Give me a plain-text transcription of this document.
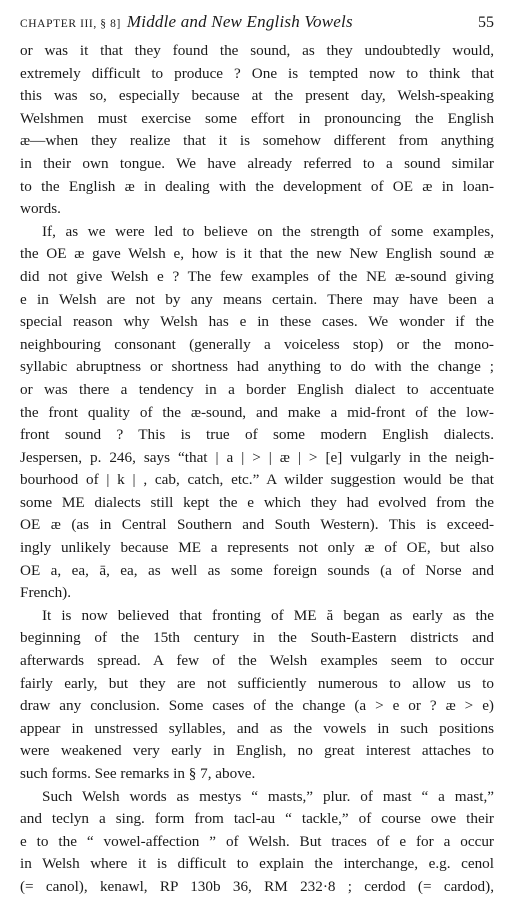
CHAPTER III, § 8] Middle and New English Vowels	55

or was it that they found the sound, as they undoubtedly would,
extremely difficult to produce ? One is tempted now to think that
this was so, especially because at the present day, Welsh-speaking
Welshmen must exercise some effort in pronouncing the English
æ—when they realize that it is somehow different from anything
in their own tongue. We have already referred to a sound similar
to the English æ in dealing with the development of OE æ in loan-
words.

If, as we were led to believe on the strength of some examples,
the OE æ gave Welsh e, how is it that the new New English sound æ
did not give Welsh e ? The few examples of the NE æ-sound giving
e in Welsh are not by any means certain. There may have been a
special reason why Welsh has e in these cases. We wonder if the
neighbouring consonant (generally a voiceless stop) or the mono-
syllabic abruptness or shortness had anything to do with the change ;
or was there a tendency in a border English dialect to accentuate
the front quality of the æ-sound, and make a mid-front of the low-
front sound ? This is true of some modern English dialects.
Jespersen, p. 246, says “that | a | > | æ | > [e] vulgarly in the neigh-
bourhood of | k | , cab, catch, etc.” A wilder suggestion would be that
some ME dialects still kept the e which they had evolved from the
OE æ (as in Central Southern and South Western). This is exceed-
ingly unlikely because ME a represents not only æ of OE, but also
OE a, ea, ā, ea, as well as some foreign sounds (a of Norse and
French).

It is now believed that fronting of ME ă began as early as the
beginning of the 15th century in the South-Eastern districts and
afterwards spread. A few of the Welsh examples seem to occur
fairly early, but they are not sufficiently numerous to allow us to
draw any conclusion. Some cases of the change (a > e or ? æ > e)
appear in unstressed syllables, and as the vowels in such positions
were weakened very early in English, no great interest attaches to
such forms. See remarks in § 7, above.

Such Welsh words as mestys “ masts,” plur. of mast “ a mast,”
and teclyn a sing. form from tacl-au “ tackle,” of course owe their
e to the “ vowel-affection ” of Welsh. But traces of e for a occur
in Welsh where it is difficult to explain the interchange, e.g. cenol
(= canol), kenawl, RP 130b 36, RM 232·8 ; cerdod (= cardod),
